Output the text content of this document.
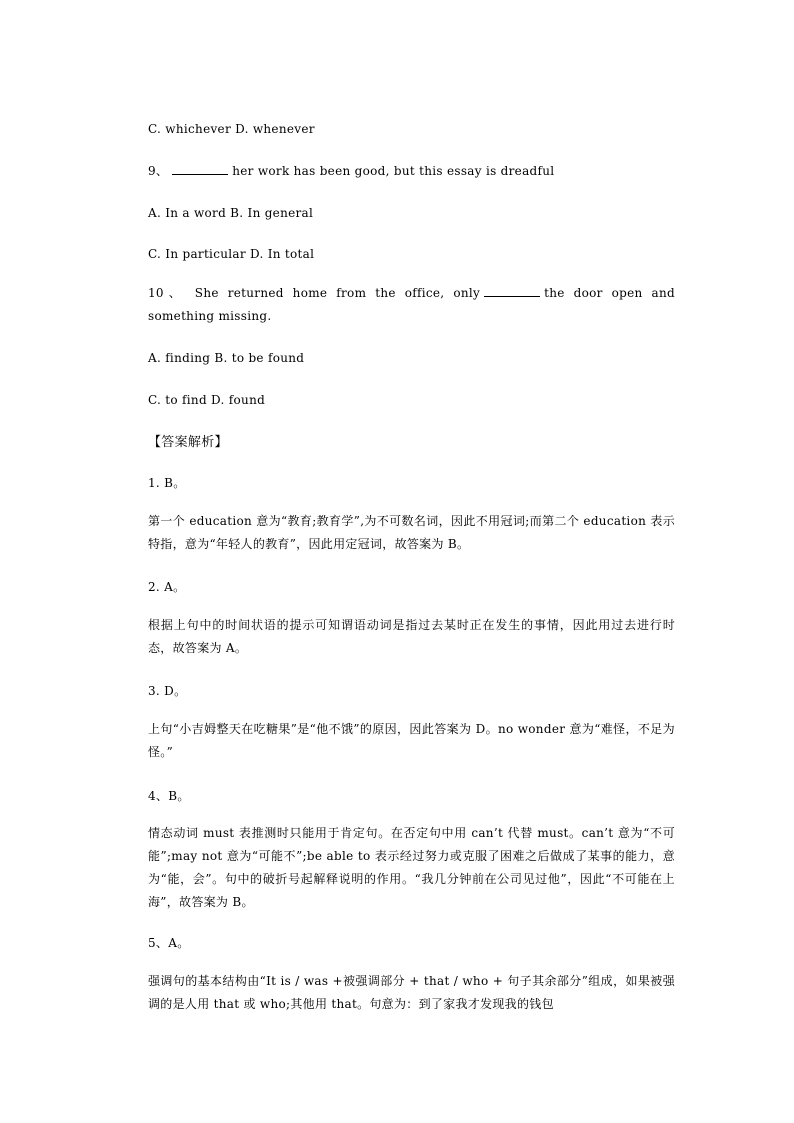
C. whichever D. whenever

9、	her work has been good, but this essay is dreadful

A. In a word B. In general

C. In particular D. In total

10、 She returned home from the office, only	the door open and something missing.

A. finding B. to be found

C. to find D. found

【答案解析】

1. B。

第一个 education 意为“教育;教育学”,为不可数名词，因此不用冠词;而第二个 education 表示特指，意为“年轻人的教育”，因此用定冠词，故答案为 B。

2. A。

根据上句中的时间状语的提示可知谓语动词是指过去某时正在发生的事情，因此用过去进行时态，故答案为 A。

3. D。

上句“小吉姆整天在吃糖果”是“他不饿”的原因，因此答案为 D。no wonder 意为“难怪，不足为怪。”

4、B。

情态动词 must 表推测时只能用于肯定句。在否定句中用 can’t 代替 must。can’t 意为“不可能”;may not 意为“可能不”;be able to 表示经过努力或克服了困难之后做成了某事的能力，意为“能，会”。句中的破折号起解释说明的作用。“我几分钟前在公司见过他”，因此“不可能在上海”，故答案为 B。

5、A。

强调句的基本结构由“It is / was +被强调部分 + that / who + 句子其余部分”组成，如果被强调的是人用 that 或 who;其他用 that。句意为：到了家我才发现我的钱包
